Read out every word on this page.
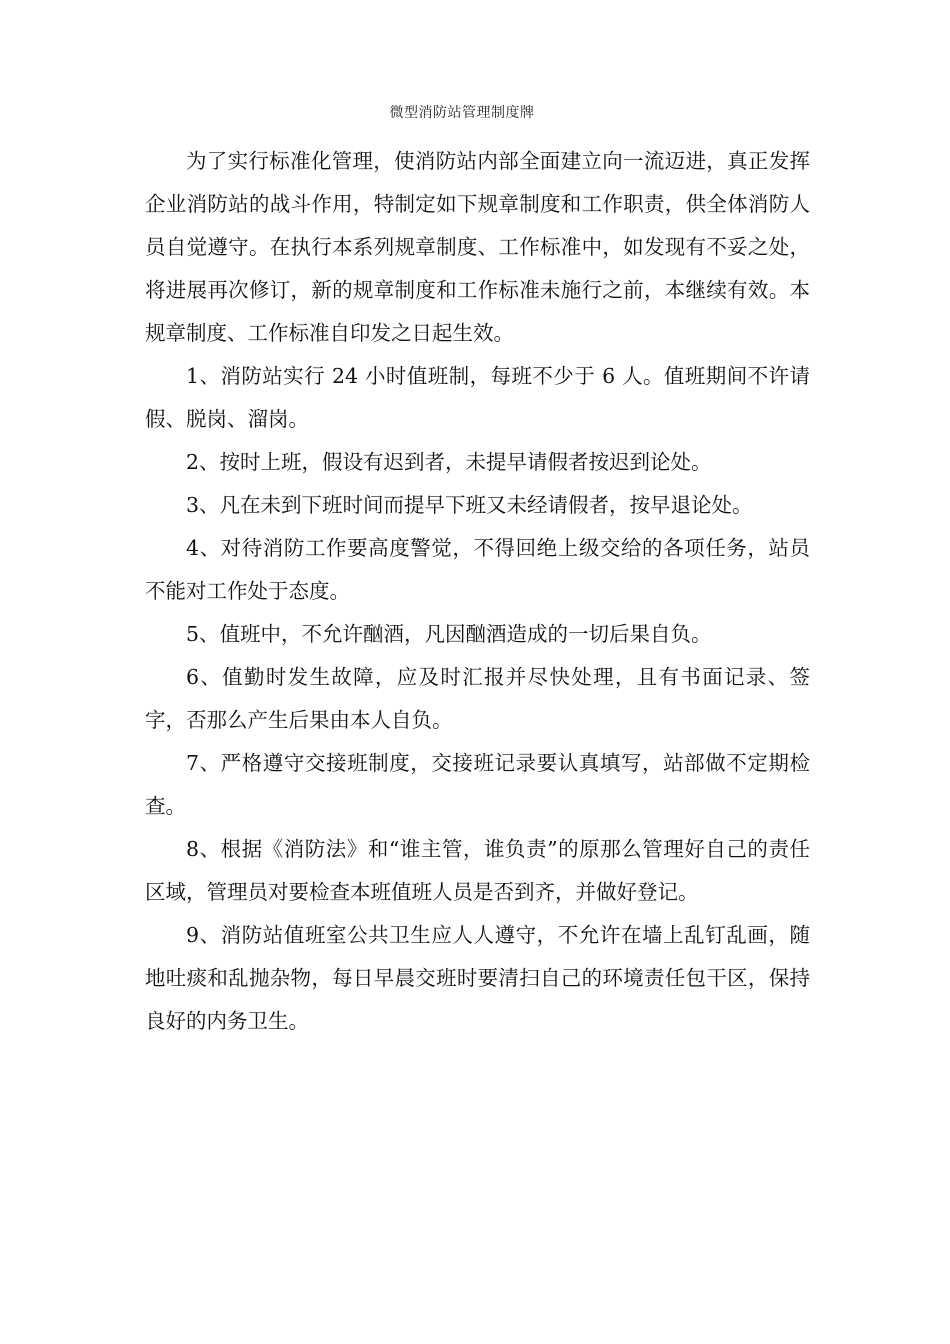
微型消防站管理制度牌

为了实行标准化管理，使消防站内部全面建立向一流迈进，真正发挥企业消防站的战斗作用，特制定如下规章制度和工作职责，供全体消防人员自觉遵守。在执行本系列规章制度、工作标准中，如发现有不妥之处，将进展再次修订，新的规章制度和工作标准未施行之前，本继续有效。本规章制度、工作标准自印发之日起生效。

1、消防站实行 24 小时值班制，每班不少于 6 人。值班期间不许请假、脱岗、溜岗。

2、按时上班，假设有迟到者，未提早请假者按迟到论处。

3、凡在未到下班时间而提早下班又未经请假者，按早退论处。

4、对待消防工作要高度警觉，不得回绝上级交给的各项任务，站员不能对工作处于态度。

5、值班中，不允许酗酒，凡因酗酒造成的一切后果自负。

6、值勤时发生故障，应及时汇报并尽快处理，且有书面记录、签字，否那么产生后果由本人自负。

7、严格遵守交接班制度，交接班记录要认真填写，站部做不定期检查。

8、根据《消防法》和“谁主管，谁负责”的原那么管理好自己的责任区域，管理员对要检查本班值班人员是否到齐，并做好登记。

9、消防站值班室公共卫生应人人遵守，不允许在墙上乱钉乱画，随地吐痰和乱抛杂物，每日早晨交班时要清扫自己的环境责任包干区，保持良好的内务卫生。
